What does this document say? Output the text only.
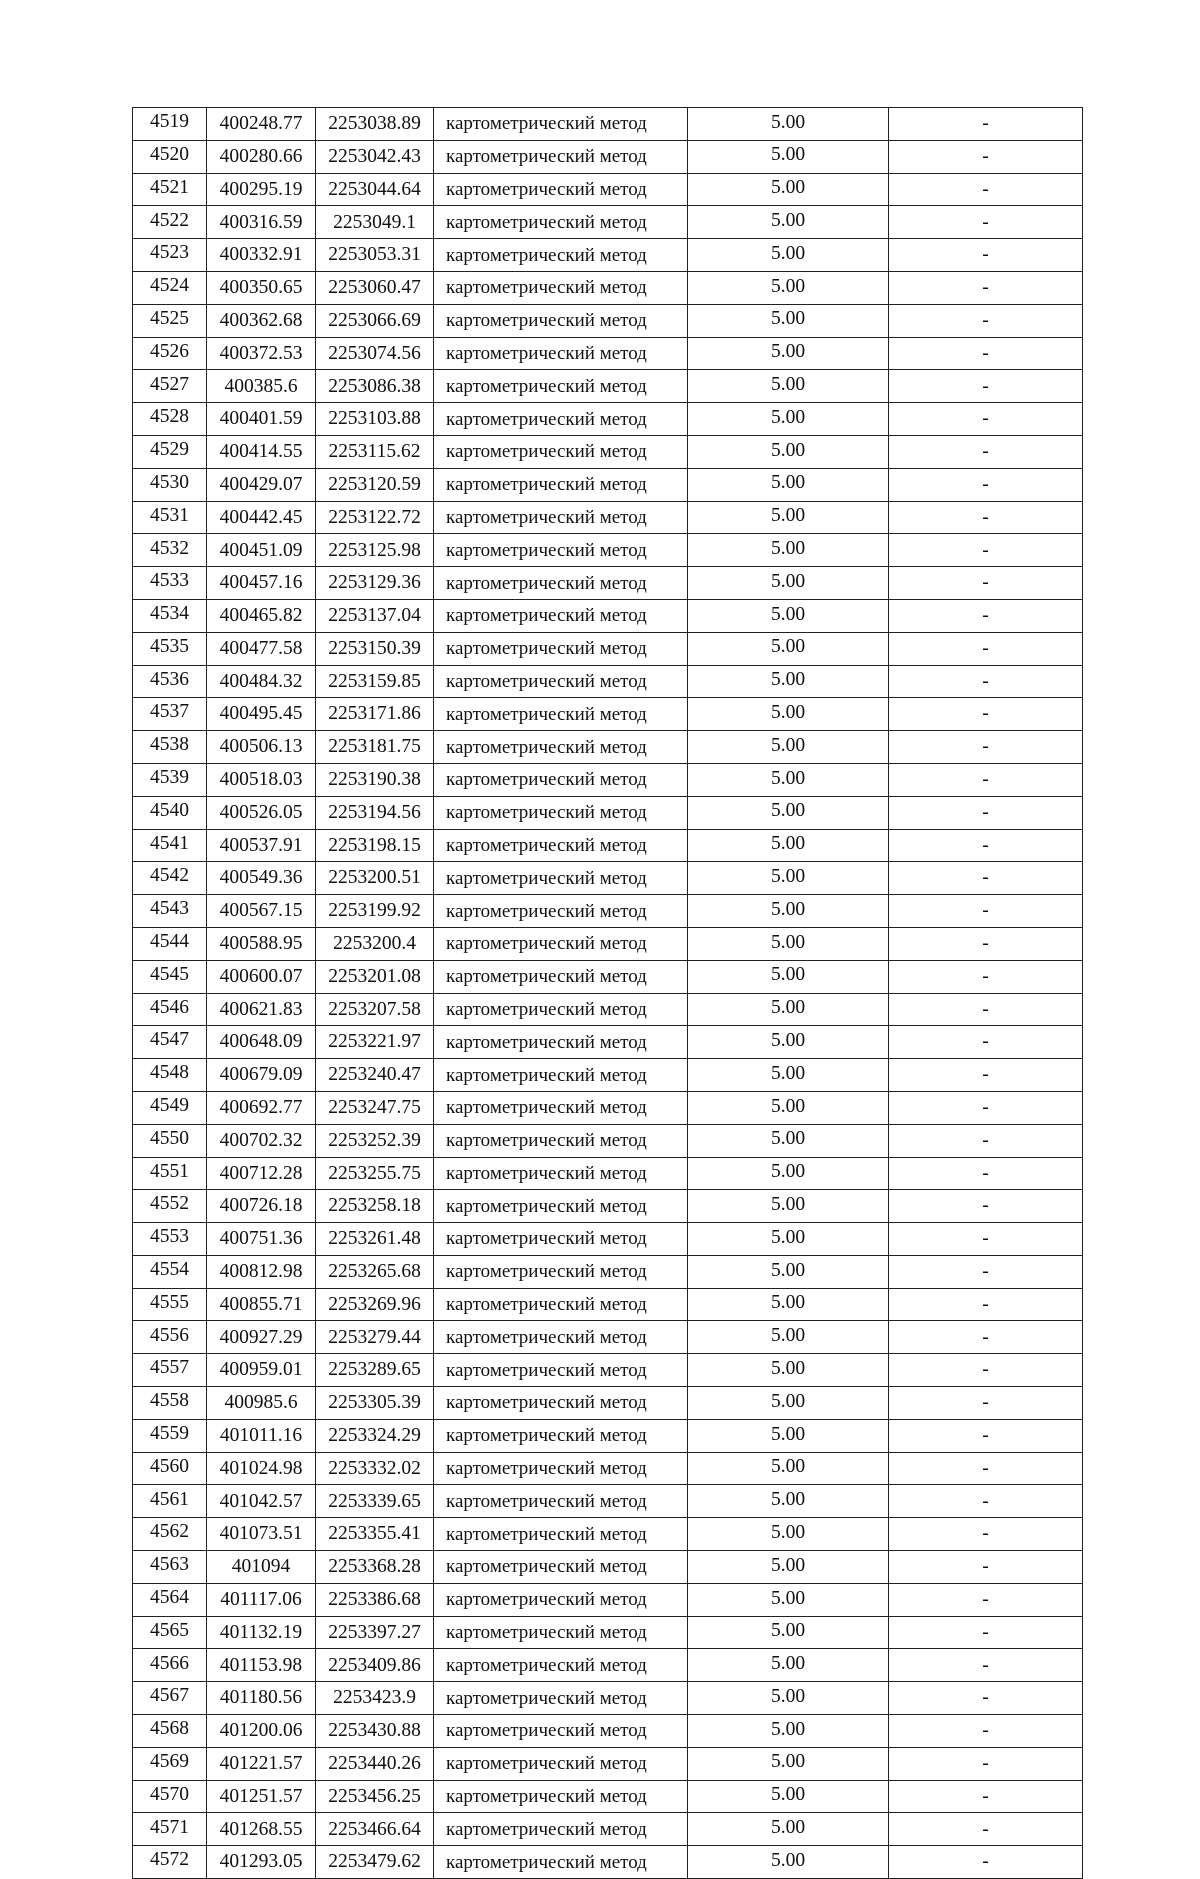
4519	400248.77	2253038.89	картометрический метод	5.00	-
4520	400280.66	2253042.43	картометрический метод	5.00	-
4521	400295.19	2253044.64	картометрический метод	5.00	-
4522	400316.59	2253049.1	картометрический метод	5.00	-
4523	400332.91	2253053.31	картометрический метод	5.00	-
4524	400350.65	2253060.47	картометрический метод	5.00	-
4525	400362.68	2253066.69	картометрический метод	5.00	-
4526	400372.53	2253074.56	картометрический метод	5.00	-
4527	400385.6	2253086.38	картометрический метод	5.00	-
4528	400401.59	2253103.88	картометрический метод	5.00	-
4529	400414.55	2253115.62	картометрический метод	5.00	-
4530	400429.07	2253120.59	картометрический метод	5.00	-
4531	400442.45	2253122.72	картометрический метод	5.00	-
4532	400451.09	2253125.98	картометрический метод	5.00	-
4533	400457.16	2253129.36	картометрический метод	5.00	-
4534	400465.82	2253137.04	картометрический метод	5.00	-
4535	400477.58	2253150.39	картометрический метод	5.00	-
4536	400484.32	2253159.85	картометрический метод	5.00	-
4537	400495.45	2253171.86	картометрический метод	5.00	-
4538	400506.13	2253181.75	картометрический метод	5.00	-
4539	400518.03	2253190.38	картометрический метод	5.00	-
4540	400526.05	2253194.56	картометрический метод	5.00	-
4541	400537.91	2253198.15	картометрический метод	5.00	-
4542	400549.36	2253200.51	картометрический метод	5.00	-
4543	400567.15	2253199.92	картометрический метод	5.00	-
4544	400588.95	2253200.4	картометрический метод	5.00	-
4545	400600.07	2253201.08	картометрический метод	5.00	-
4546	400621.83	2253207.58	картометрический метод	5.00	-
4547	400648.09	2253221.97	картометрический метод	5.00	-
4548	400679.09	2253240.47	картометрический метод	5.00	-
4549	400692.77	2253247.75	картометрический метод	5.00	-
4550	400702.32	2253252.39	картометрический метод	5.00	-
4551	400712.28	2253255.75	картометрический метод	5.00	-
4552	400726.18	2253258.18	картометрический метод	5.00	-
4553	400751.36	2253261.48	картометрический метод	5.00	-
4554	400812.98	2253265.68	картометрический метод	5.00	-
4555	400855.71	2253269.96	картометрический метод	5.00	-
4556	400927.29	2253279.44	картометрический метод	5.00	-
4557	400959.01	2253289.65	картометрический метод	5.00	-
4558	400985.6	2253305.39	картометрический метод	5.00	-
4559	401011.16	2253324.29	картометрический метод	5.00	-
4560	401024.98	2253332.02	картометрический метод	5.00	-
4561	401042.57	2253339.65	картометрический метод	5.00	-
4562	401073.51	2253355.41	картометрический метод	5.00	-
4563	401094	2253368.28	картометрический метод	5.00	-
4564	401117.06	2253386.68	картометрический метод	5.00	-
4565	401132.19	2253397.27	картометрический метод	5.00	-
4566	401153.98	2253409.86	картометрический метод	5.00	-
4567	401180.56	2253423.9	картометрический метод	5.00	-
4568	401200.06	2253430.88	картометрический метод	5.00	-
4569	401221.57	2253440.26	картометрический метод	5.00	-
4570	401251.57	2253456.25	картометрический метод	5.00	-
4571	401268.55	2253466.64	картометрический метод	5.00	-
4572	401293.05	2253479.62	картометрический метод	5.00	-
